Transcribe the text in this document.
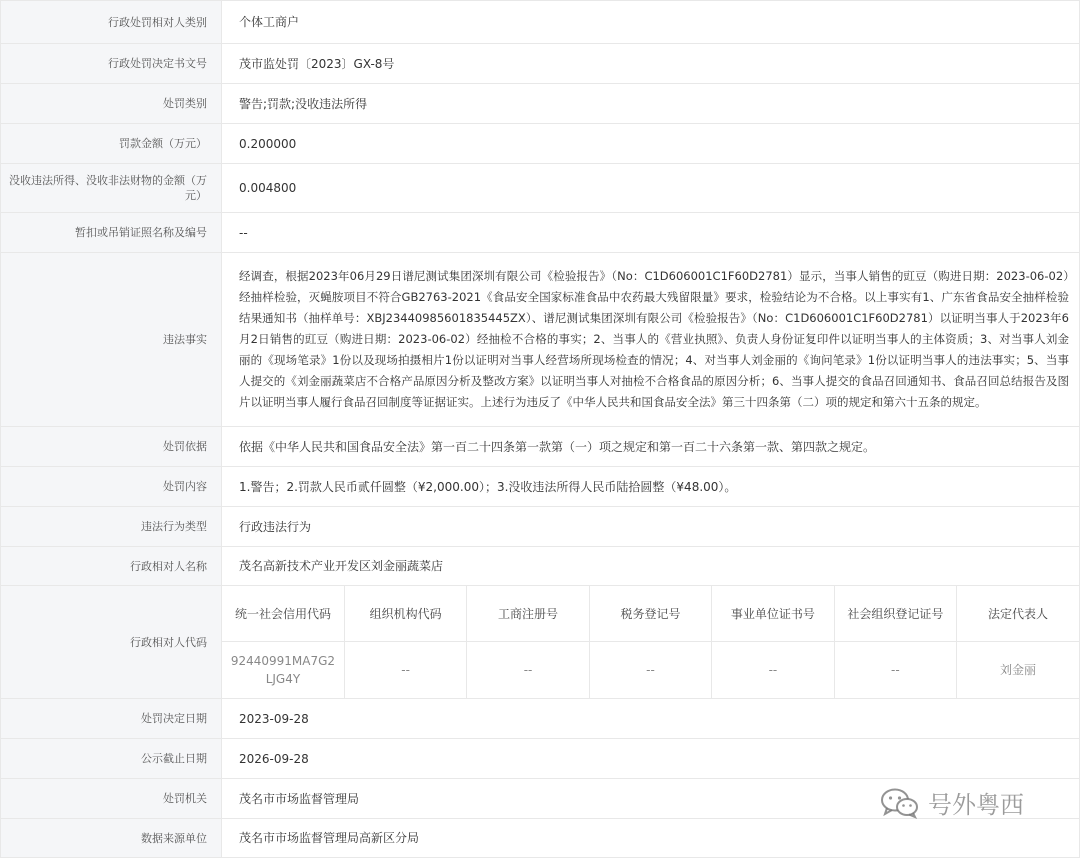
行政处罚相对人类别	个体工商户
行政处罚决定书文号	茂市监处罚〔2023〕GX-8号
处罚类别	警告;罚款;没收违法所得
罚款金额（万元）	0.200000
没收违法所得、没收非法财物的金额（万元）	0.004800
暂扣或吊销证照名称及编号	--
违法事实	经调查，根据2023年06月29日谱尼测试集团深圳有限公司《检验报告》（No：C1D606001C1F60D2781）显示，当事人销售的豇豆（购进日期：2023-06-02）经抽样检验，灭蝇胺项目不符合GB2763-2021《食品安全国家标准食品中农药最大残留限量》要求，检验结论为不合格。以上事实有1、广东省食品安全抽样检验结果通知书（抽样单号：XBJ23440985601835445ZX）、谱尼测试集团深圳有限公司《检验报告》（No：C1D606001C1F60D2781）以证明当事人于2023年6月2日销售的豇豆（购进日期：2023-06-02）经抽检不合格的事实；2、当事人的《营业执照》、负责人身份证复印件以证明当事人的主体资质；3、对当事人刘金丽的《现场笔录》1份以及现场拍摄相片1份以证明对当事人经营场所现场检查的情况；4、对当事人刘金丽的《询问笔录》1份以证明当事人的违法事实；5、当事人提交的《刘金丽蔬菜店不合格产品原因分析及整改方案》以证明当事人对抽检不合格食品的原因分析；6、当事人提交的食品召回通知书、食品召回总结报告及图片以证明当事人履行食品召回制度等证据证实。上述行为违反了《中华人民共和国食品安全法》第三十四条第（二）项的规定和第六十五条的规定。
处罚依据	依据《中华人民共和国食品安全法》第一百二十四条第一款第（一）项之规定和第一百二十六条第一款、第四款之规定。
处罚内容	1.警告；2.罚款人民币贰仟圆整（¥2,000.00）；3.没收违法所得人民币陆拾圆整（¥48.00）。
违法行为类型	行政违法行为
行政相对人名称	茂名高新技术产业开发区刘金丽蔬菜店
行政相对人代码	
统一社会信用代码	组织机构代码	工商注册号	税务登记号	事业单位证书号	社会组织登记证号	法定代表人
92440991MA7G2LJG4Y	--	--	--	--	--	刘金丽

处罚决定日期	2023-09-28
公示截止日期	2026-09-28
处罚机关	茂名市市场监督管理局
数据来源单位	茂名市市场监督管理局高新区分局
号外粤西
